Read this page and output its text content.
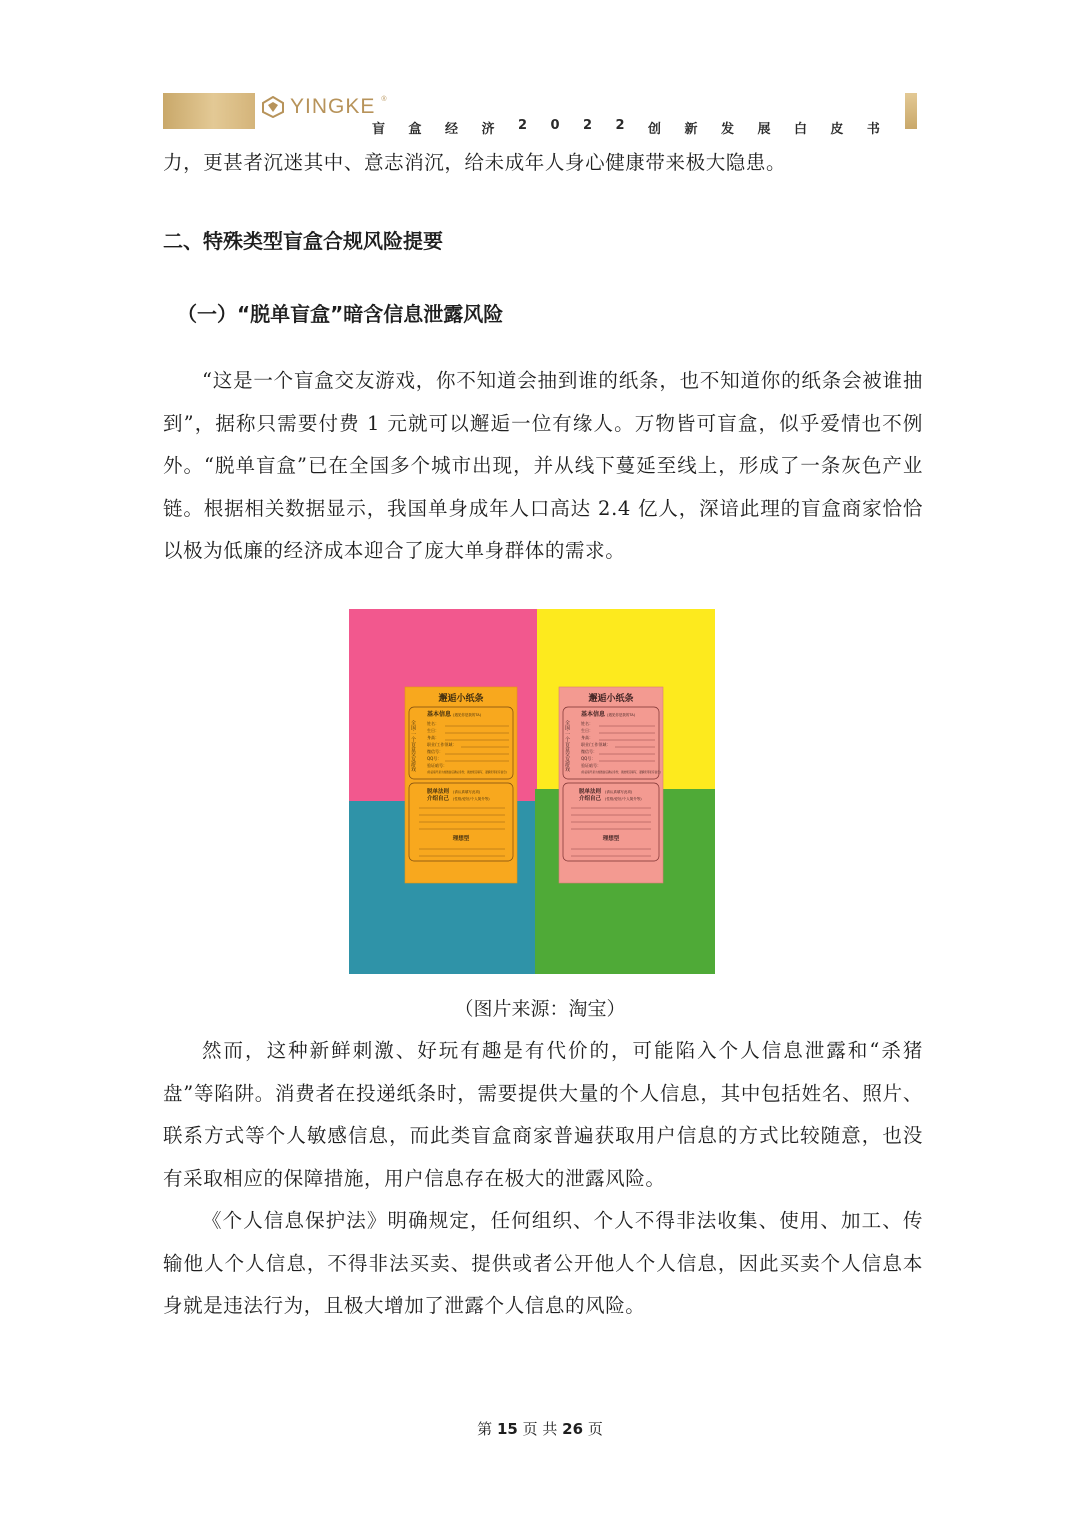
YINGKE ®
盲 盒 经 济 2 0 2 2 创 新 发 展 白 皮 书

力，更甚者沉迷其中、意志消沉，给未成年人身心健康带来极大隐患。

二、特殊类型盲盒合规风险提要
（一）“脱单盲盒”暗含信息泄露风险

“这是一个盲盒交友游戏，你不知道会抽到谁的纸条，也不知道你的纸条会被谁抽到”，据称只需要付费 1 元就可以邂逅一位有缘人。万物皆可盲盒，似乎爱情也不例外。“脱单盲盒”已在全国多个城市出现，并从线下蔓延至线上，形成了一条灰色产业链。根据相关数据显示，我国单身成年人口高达 2.4 亿人，深谙此理的盲盒商家恰恰以极为低廉的经济成本迎合了庞大单身群体的需求。

邂逅小纸条
基本信息 (遇见你是我的TA)
全国·一个盲盒交友游戏	姓名：
生日：
身高：
职业/工作领域：
微信号：
QQ号：
验证暗号：
(验证暗号是为加微信后确认身份，须按规定填写，谨慎使用私有信息)
脱单法则 (请认真填写此项)
介绍自己 (性格/爱好/个人简介等)
理想型
邂逅小纸条
基本信息 (遇见你是我的TA)
全国·一个盲盒交友游戏	姓名：
生日：
身高：
职业/工作领域：
微信号：
QQ号：
验证暗号：
(验证暗号是为加微信后确认身份，须按规定填写，谨慎使用私有信息)
脱单法则 (请认真填写此项)
介绍自己 (性格/爱好/个人简介等)
理想型
（图片来源：淘宝）

然而，这种新鲜刺激、好玩有趣是有代价的，可能陷入个人信息泄露和“杀猪盘”等陷阱。消费者在投递纸条时，需要提供大量的个人信息，其中包括姓名、照片、联系方式等个人敏感信息，而此类盲盒商家普遍获取用户信息的方式比较随意，也没有采取相应的保障措施，用户信息存在极大的泄露风险。

《个人信息保护法》明确规定，任何组织、个人不得非法收集、使用、加工、传输他人个人信息，不得非法买卖、提供或者公开他人个人信息，因此买卖个人信息本身就是违法行为，且极大增加了泄露个人信息的风险。

第 15 页 共 26 页
